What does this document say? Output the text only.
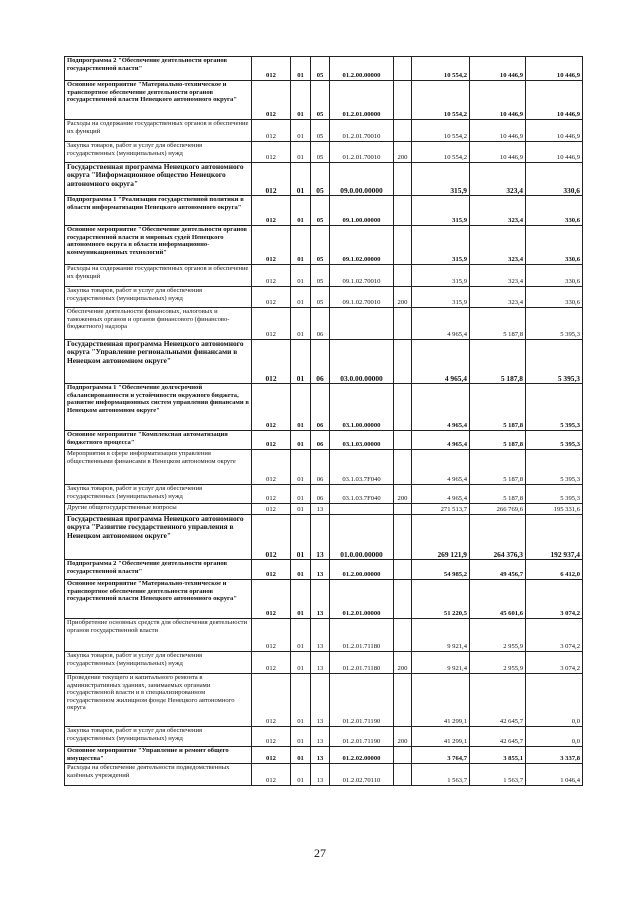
Подпрограмма 2 "Обеспечение деятельности органов государственной власти"	012	01	05	01.2.00.00000		10 554,2	10 446,9	10 446,9
Основное мероприятие "Материально-техническое и транспортное обеспечение деятельности органов государственной власти Ненецкого автономного округа"	012	01	05	01.2.01.00000		10 554,2	10 446,9	10 446,9
Расходы на содержание государственных органов и обеспечение их функций	012	01	05	01.2.01.70010		10 554,2	10 446,9	10 446,9
Закупка товаров, работ и услуг для обеспечения государственных (муниципальных) нужд	012	01	05	01.2.01.70010	200	10 554,2	10 446,9	10 446,9
Государственная программа Ненецкого автономного округа "Информационное общество Ненецкого автономного округа"	012	01	05	09.0.00.00000		315,9	323,4	330,6
Подпрограмма 1 "Реализация государственной политики в области информатизации Ненецкого автономного округа"	012	01	05	09.1.00.00000		315,9	323,4	330,6
Основное мероприятие "Обеспечение деятельности органов государственной власти и мировых судей Ненецкого автономного округа в области информационно-коммуникационных технологий"	012	01	05	09.1.02.00000		315,9	323,4	330,6
Расходы на содержание государственных органов и обеспечение их функций	012	01	05	09.1.02.70010		315,9	323,4	330,6
Закупка товаров, работ и услуг для обеспечения государственных (муниципальных) нужд	012	01	05	09.1.02.70010	200	315,9	323,4	330,6
Обеспечение деятельности финансовых, налоговых и таможенных органов и органов финансового (финансово-бюджетного) надзора	012	01	06			4 965,4	5 187,8	5 395,3
Государственная программа Ненецкого автономного округа "Управление региональными финансами в Ненецком автономном округе"	012	01	06	03.0.00.00000		4 965,4	5 187,8	5 395,3
Подпрограмма 1 "Обеспечение долгосрочной сбалансированности и устойчивости окружного бюджета, развитие информационных систем управления финансами в Ненецком автономном округе"	012	01	06	03.1.00.00000		4 965,4	5 187,8	5 395,3
Основное мероприятие "Комплексная автоматизация бюджетного процесса"	012	01	06	03.1.03.00000		4 965,4	5 187,8	5 395,3
Мероприятия в сфере информатизации управления общественными финансами в Ненецком автономном округе	012	01	06	03.1.03.7F040		4 965,4	5 187,8	5 395,3
Закупка товаров, работ и услуг для обеспечения государственных (муниципальных) нужд	012	01	06	03.1.03.7F040	200	4 965,4	5 187,8	5 395,3
Другие общегосударственные вопросы	012	01	13			271 513,7	266 769,6	195 331,6
Государственная программа Ненецкого автономного округа "Развитие государственного управления в Ненецком автономном округе"	012	01	13	01.0.00.00000		269 121,9	264 376,3	192 937,4
Подпрограмма 2 "Обеспечение деятельности органов государственной власти"	012	01	13	01.2.00.00000		54 985,2	49 456,7	6 412,0
Основное мероприятие "Материально-техническое и транспортное обеспечение деятельности органов государственной власти Ненецкого автономного округа"	012	01	13	01.2.01.00000		51 220,5	45 601,6	3 074,2
Приобретение основных средств для обеспечения деятельности органов государственной власти	012	01	13	01.2.01.71180		9 921,4	2 955,9	3 074,2
Закупка товаров, работ и услуг для обеспечения государственных (муниципальных) нужд	012	01	13	01.2.01.71180	200	9 921,4	2 955,9	3 074,2
Проведение текущего и капитального ремонта в административных зданиях, занимаемых органами государственной власти и в специализированном государственном жилищном фонде Ненецкого автономного округа	012	01	13	01.2.01.71190		41 299,1	42 645,7	0,0
Закупка товаров, работ и услуг для обеспечения государственных (муниципальных) нужд	012	01	13	01.2.01.71190	200	41 299,1	42 645,7	0,0
Основное мероприятие "Управление и ремонт общего имущества"	012	01	13	01.2.02.00000		3 764,7	3 855,1	3 337,8
Расходы на обеспечение деятельности подведомственных казённых учреждений	012	01	13	01.2.02.70110		1 563,7	1 563,7	1 046,4
27
